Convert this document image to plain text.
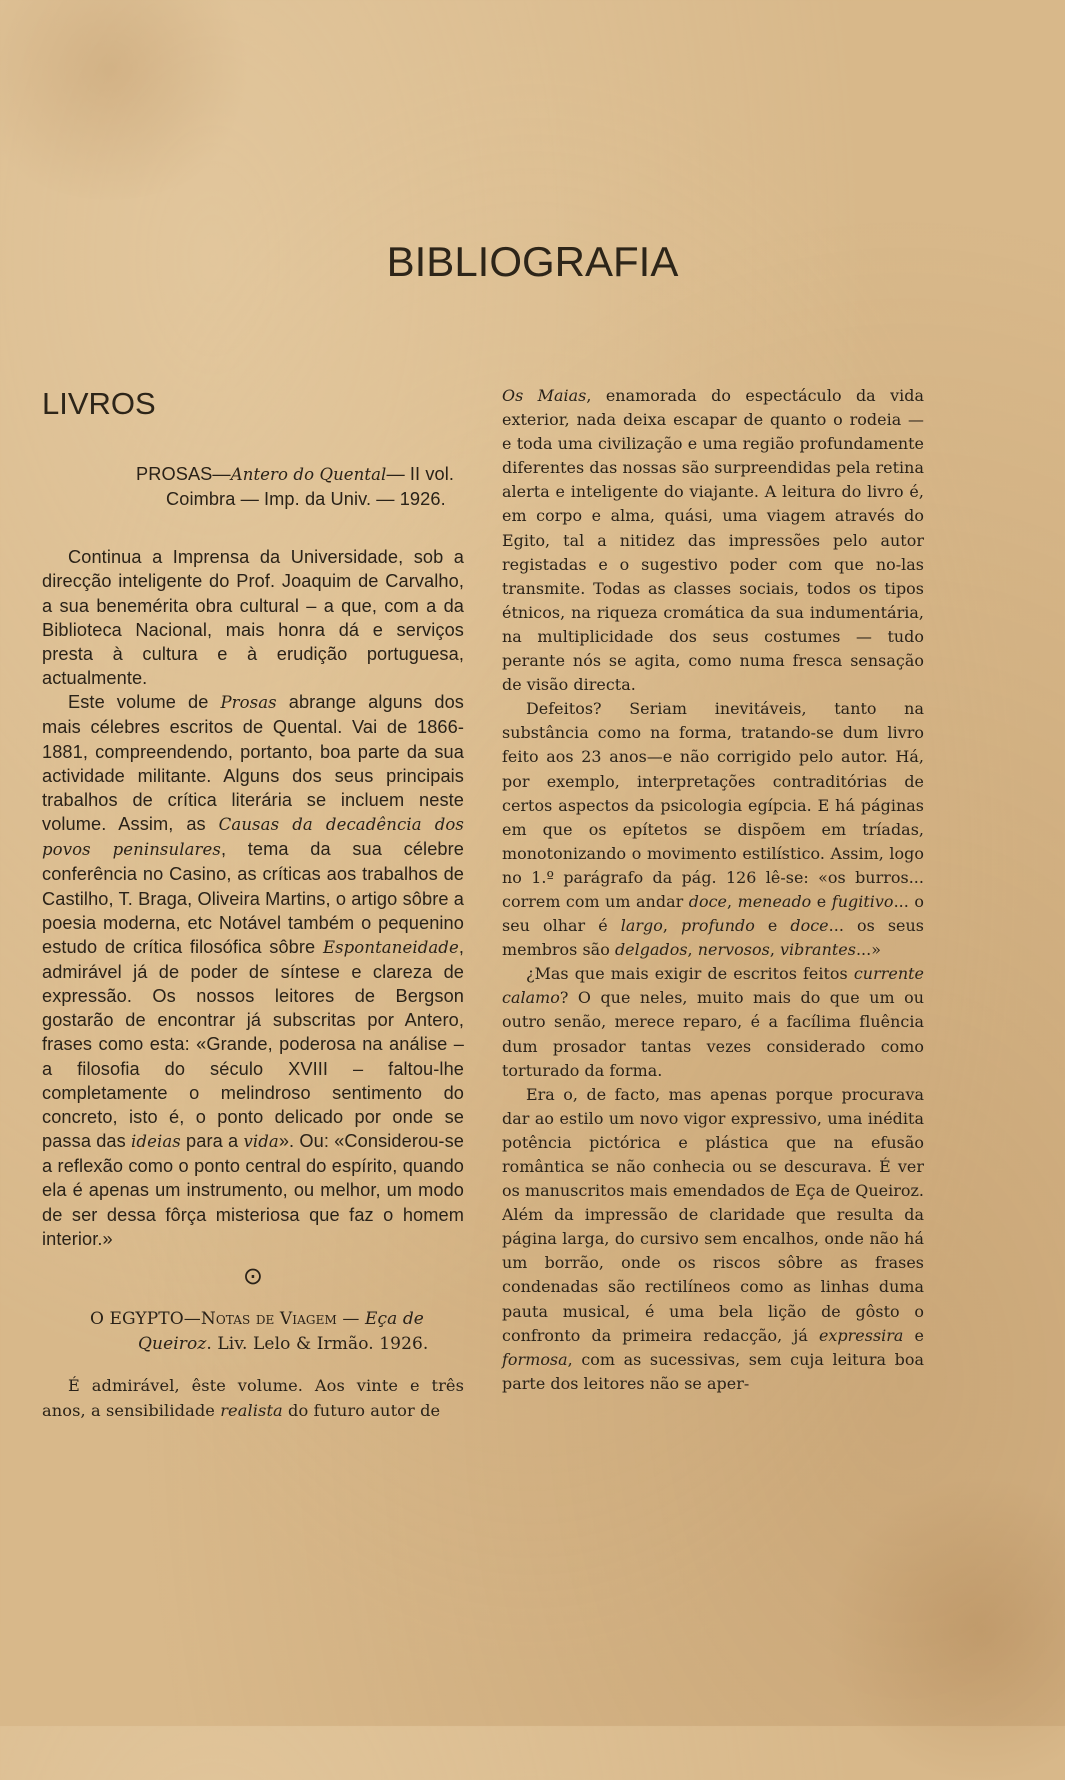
BIBLIOGRAFIA
LIVROS
PROSAS—Antero do Quental— II vol. Coimbra — Imp. da Univ. — 1926.

Continua a Imprensa da Universidade, sob a direcção inteligente do Prof. Joaquim de Carvalho, a sua benemérita obra cultural – a que, com a da Biblioteca Nacional, mais honra dá e serviços presta à cultura e à erudição portuguesa, actualmente.

Este volume de Prosas abrange alguns dos mais célebres escritos de Quental. Vai de 1866-1881, compreendendo, portanto, boa parte da sua actividade militante. Alguns dos seus principais trabalhos de crítica literária se incluem neste volume. Assim, as Causas da decadência dos povos peninsulares, tema da sua célebre conferência no Casino, as críticas aos trabalhos de Castilho, T. Braga, Oliveira Martins, o artigo sôbre a poesia moderna, etc Notável também o pequenino estudo de crítica filosófica sôbre Espontaneidade, admirável já de poder de síntese e clareza de expressão. Os nossos leitores de Bergson gostarão de encontrar já subscritas por Antero, frases como esta: «Grande, poderosa na análise – a filosofia do século XVIII – faltou-lhe completamente o melindroso sentimento do concreto, isto é, o ponto delicado por onde se passa das ideias para a vida». Ou: «Considerou-se a reflexão como o ponto central do espírito, quando ela é apenas um instrumento, ou melhor, um modo de ser dessa fôrça misteriosa que faz o homem interior.»

⊙
O EGYPTO—Notas de Viagem — Eça de Queiroz. Liv. Lelo & Irmão. 1926.

É admirável, êste volume. Aos vinte e três anos, a sensibilidade realista do futuro autor de

Os Maias, enamorada do espectáculo da vida exterior, nada deixa escapar de quanto o rodeia — e toda uma civilização e uma região profundamente diferentes das nossas são surpreendidas pela retina alerta e inteligente do viajante. A leitura do livro é, em corpo e alma, quási, uma viagem através do Egito, tal a nitidez das impressões pelo autor registadas e o sugestivo poder com que no-las transmite. Todas as classes sociais, todos os tipos étnicos, na riqueza cromática da sua indumentária, na multiplicidade dos seus costumes — tudo perante nós se agita, como numa fresca sensação de visão directa.

Defeitos? Seriam inevitáveis, tanto na substância como na forma, tratando-se dum livro feito aos 23 anos—e não corrigido pelo autor. Há, por exemplo, interpretações contraditórias de certos aspectos da psicologia egípcia. E há páginas em que os epítetos se dispõem em tríadas, monotonizando o movimento estilístico. Assim, logo no 1.º parágrafo da pág. 126 lê-se: «os burros... correm com um andar doce, meneado e fugitivo... o seu olhar é largo, profundo e doce... os seus membros são delgados, nervosos, vibrantes...»

¿Mas que mais exigir de escritos feitos currente calamo? O que neles, muito mais do que um ou outro senão, merece reparo, é a facílima fluência dum prosador tantas vezes considerado como torturado da forma.

Era o, de facto, mas apenas porque procurava dar ao estilo um novo vigor expressivo, uma inédita potência pictórica e plástica que na efusão romântica se não conhecia ou se descurava. É ver os manuscritos mais emendados de Eça de Queiroz. Além da impressão de claridade que resulta da página larga, do cursivo sem encalhos, onde não há um borrão, onde os riscos sôbre as frases condenadas são rectilíneos como as linhas duma pauta musical, é uma bela lição de gôsto o confronto da primeira redacção, já expressira e formosa, com as sucessivas, sem cuja leitura boa parte dos leitores não se aper-
